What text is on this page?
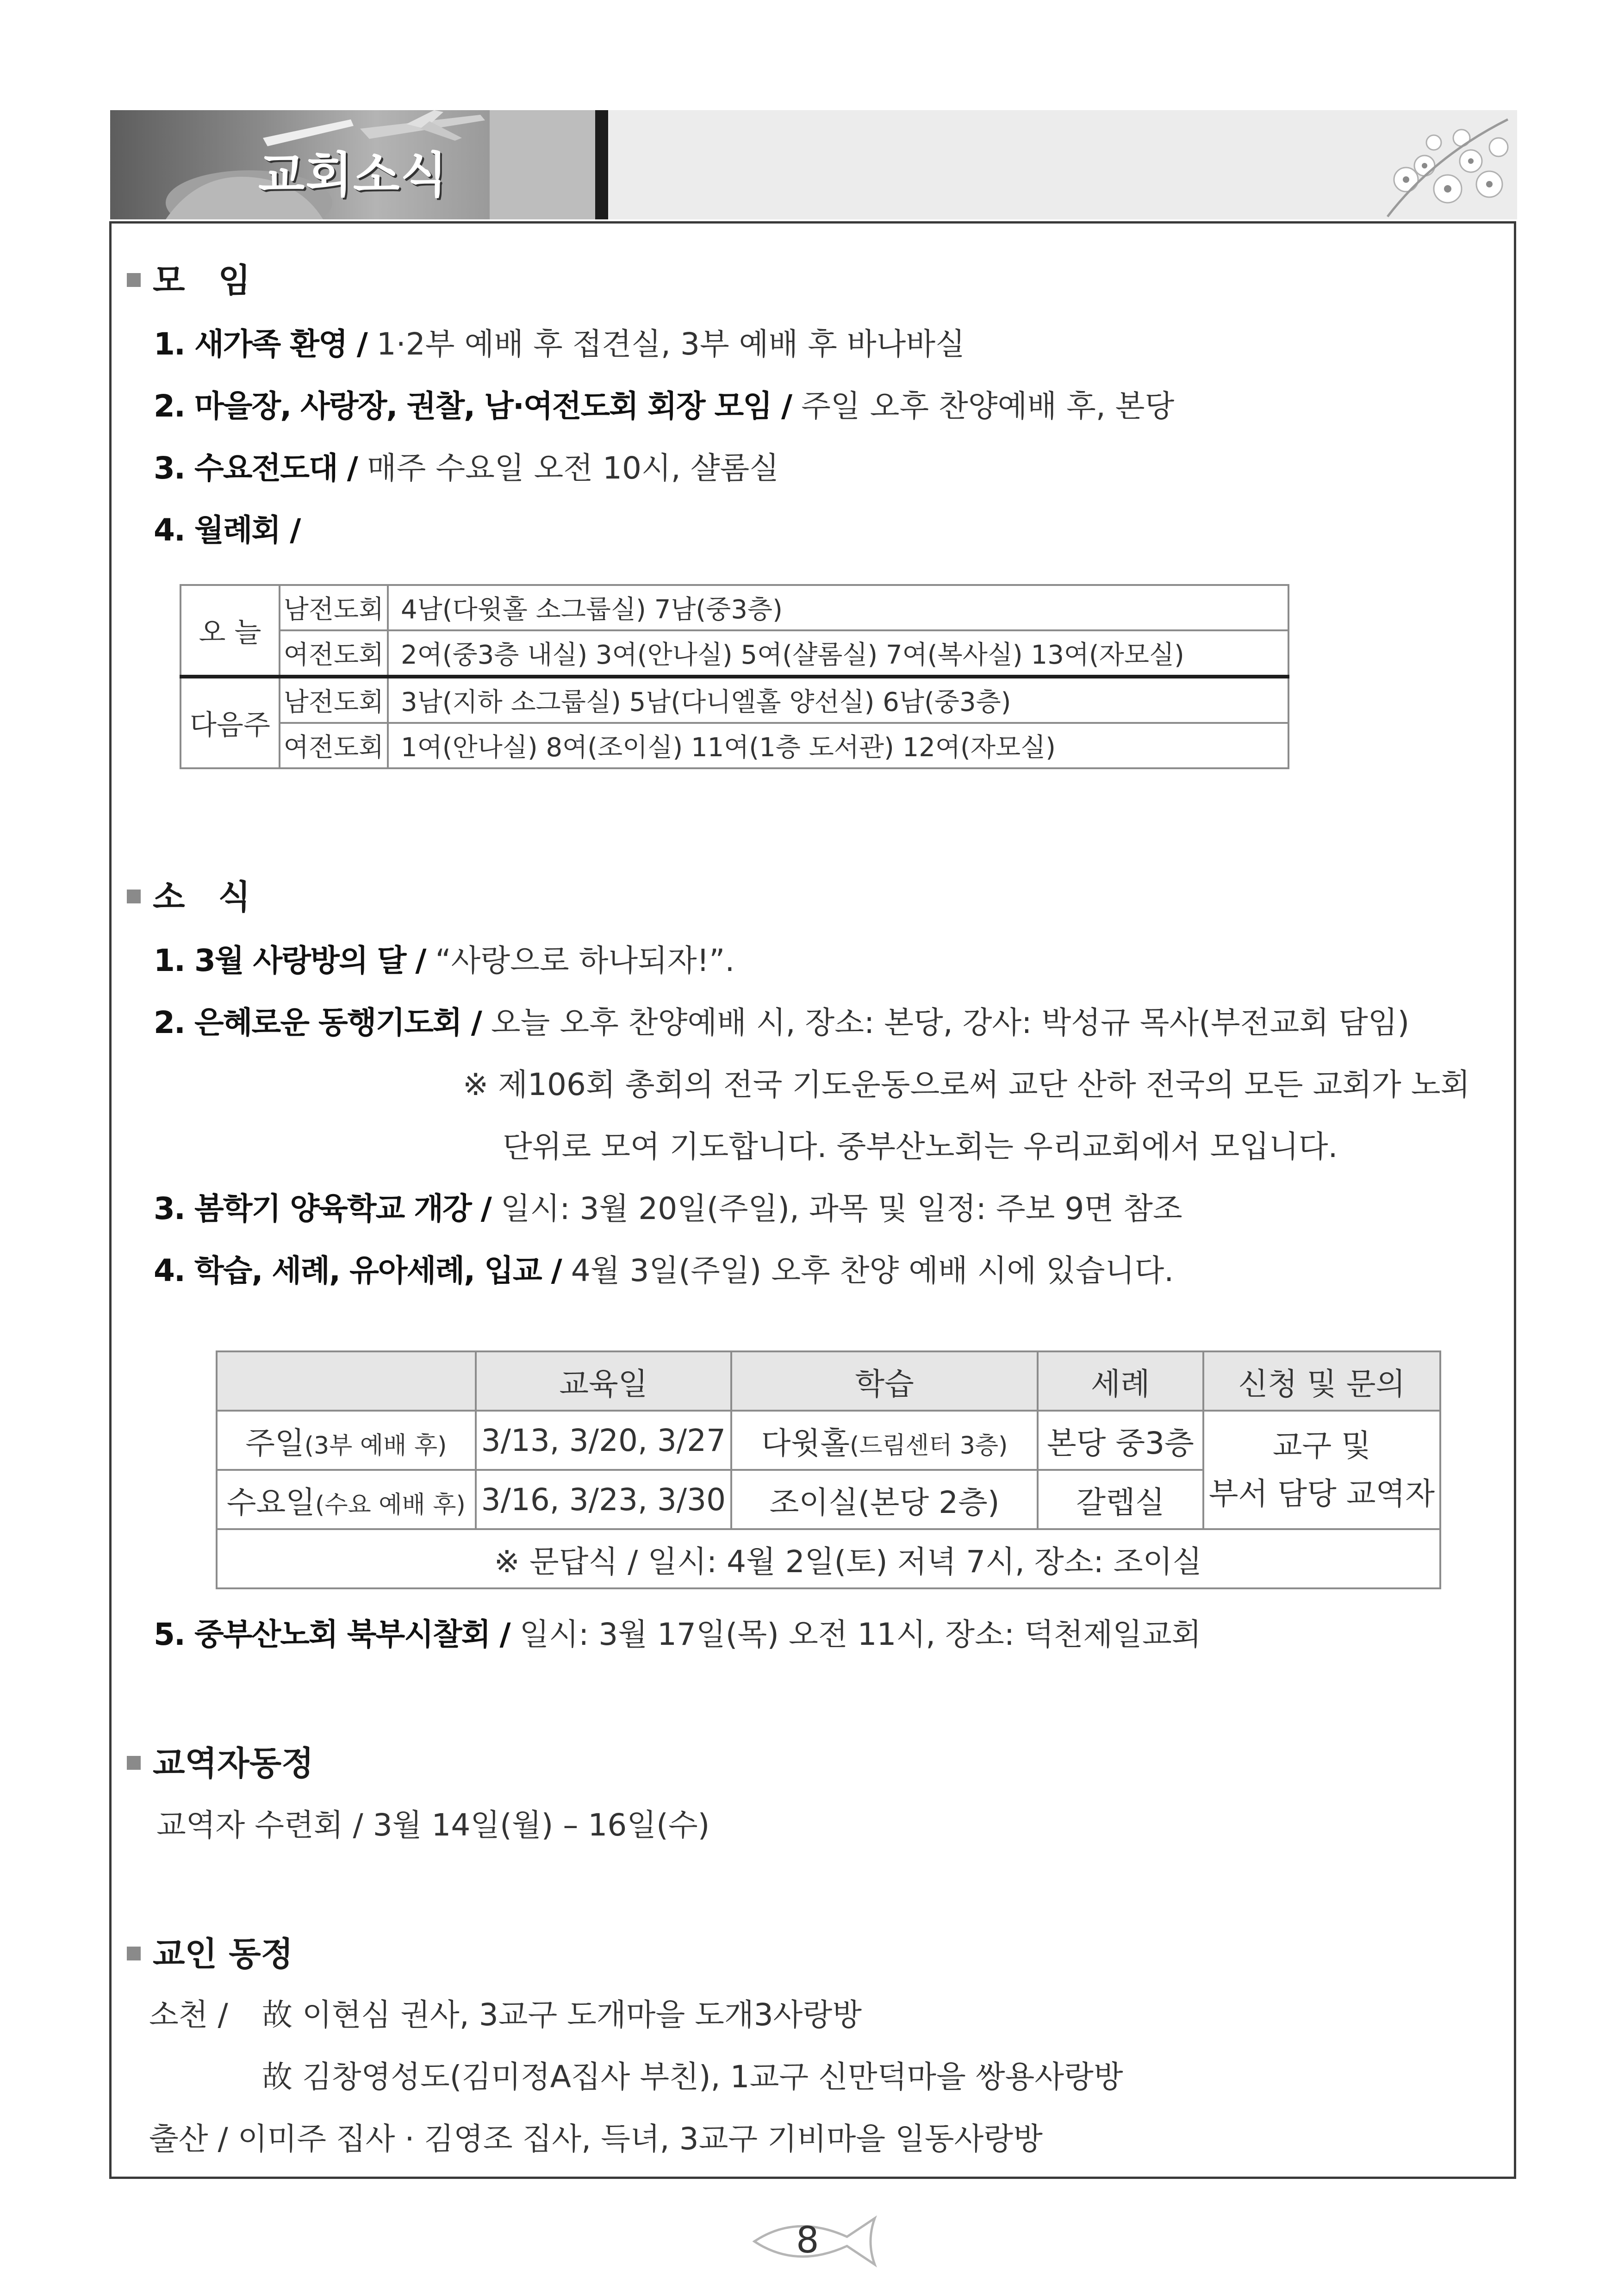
교회소식
모　임
1. 새가족 환영 / 1·2부 예배 후 접견실, 3부 예배 후 바나바실
2. 마을장, 사랑장, 권찰, 남·여전도회 회장 모임 / 주일 오후 찬양예배 후, 본당
3. 수요전도대 / 매주 수요일 오전 10시, 샬롬실
4. 월례회 /
오 늘	남전도회	4남(다윗홀 소그룹실) 7남(중3층)
	여전도회	2여(중3층 내실) 3여(안나실) 5여(샬롬실) 7여(복사실) 13여(자모실)
다음주	남전도회	3남(지하 소그룹실) 5남(다니엘홀 양선실) 6남(중3층)
	여전도회	1여(안나실) 8여(조이실) 11여(1층 도서관) 12여(자모실)
소　식
1. 3월 사랑방의 달 / “사랑으로 하나되자!”.
2. 은혜로운 동행기도회 / 오늘 오후 찬양예배 시, 장소: 본당, 강사: 박성규 목사(부전교회 담임)
※ 제106회 총회의 전국 기도운동으로써 교단 산하 전국의 모든 교회가 노회
단위로 모여 기도합니다. 중부산노회는 우리교회에서 모입니다.
3. 봄학기 양육학교 개강 / 일시: 3월 20일(주일), 과목 및 일정: 주보 9면 참조
4. 학습, 세례, 유아세례, 입교 / 4월 3일(주일) 오후 찬양 예배 시에 있습니다.
	교육일	학습	세례	신청 및 문의
주일(3부 예배 후)	3/13, 3/20, 3/27	다윗홀(드림센터 3층)	본당 중3층	교구 및
부서 담당 교역자

수요일(수요 예배 후)	3/16, 3/23, 3/30	조이실(본당 2층)	갈렙실	
	※ 문답식 / 일시: 4월 2일(토) 저녁 7시, 장소: 조이실			
5. 중부산노회 북부시찰회 / 일시: 3월 17일(목) 오전 11시, 장소: 덕천제일교회
교역자동정
교역자 수련회 / 3월 14일(월) – 16일(수)
교인 동정
소천 / 故 이현심 권사, 3교구 도개마을 도개3사랑방
故 김창영성도(김미정A집사 부친), 1교구 신만덕마을 쌍용사랑방
출산 / 이미주 집사 · 김영조 집사, 득녀, 3교구 기비마을 일동사랑방
8
